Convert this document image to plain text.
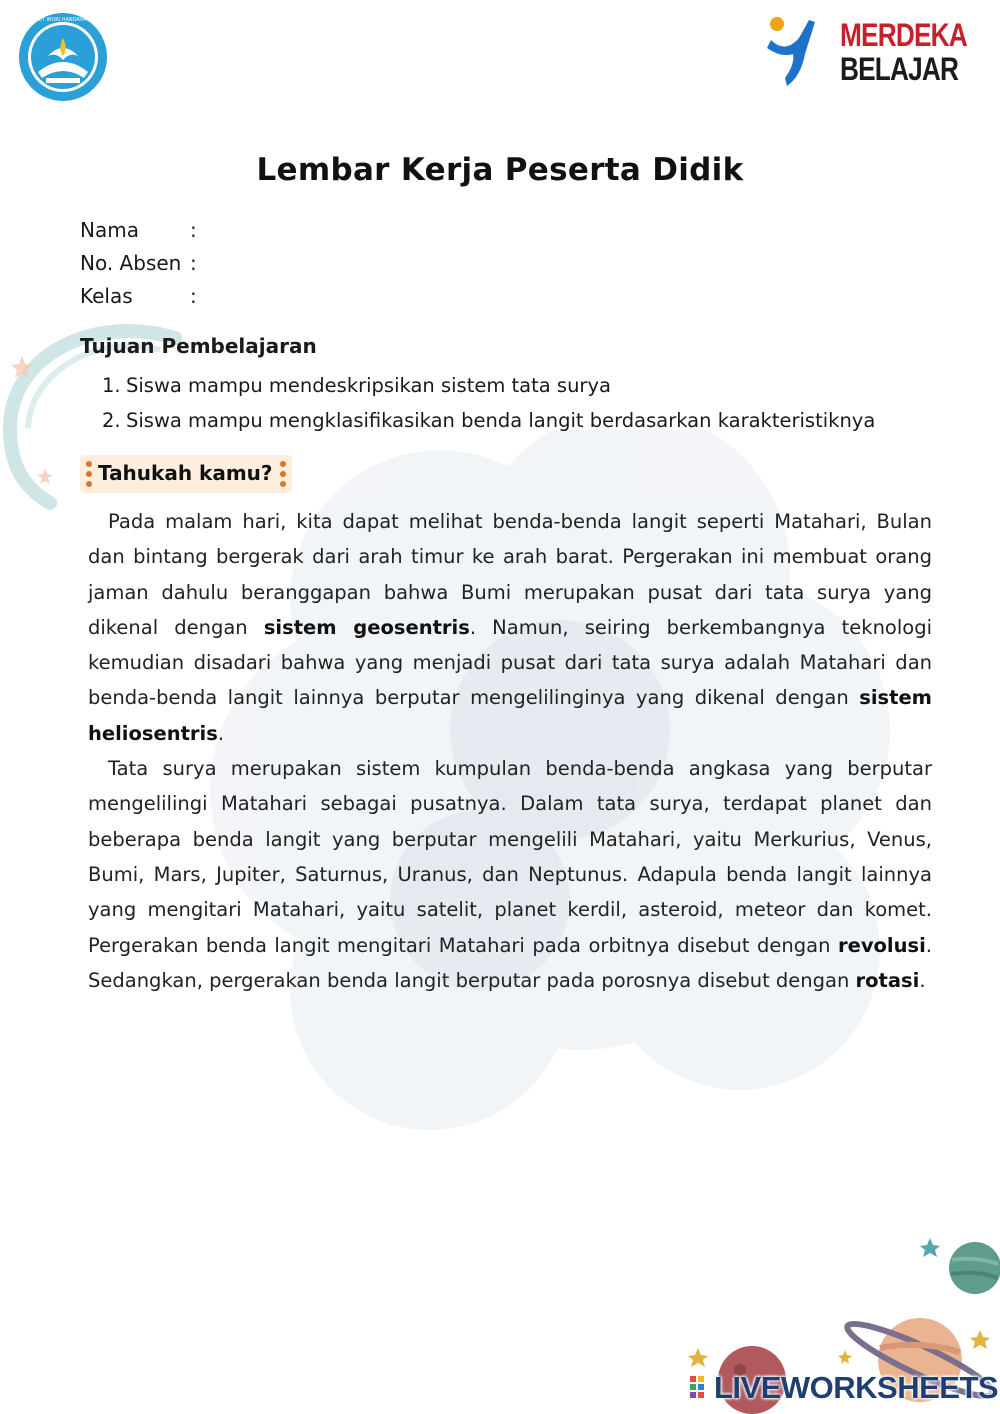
TUT WURI HANDAYANI	MERDEKA
BELAJAR
Lembar Kerja Peserta Didik
Nama	:
No. Absen :
Kelas	:
Tujuan Pembelajaran
1. Siswa mampu mendeskripsikan sistem tata surya
2. Siswa mampu mengklasifikasikan benda langit berdasarkan karakteristiknya
Tahukah kamu?

Pada malam hari, kita dapat melihat benda-benda langit seperti Matahari, Bulan dan bintang bergerak dari arah timur ke arah barat. Pergerakan ini membuat orang jaman dahulu beranggapan bahwa Bumi merupakan pusat dari tata surya yang dikenal dengan sistem geosentris. Namun, seiring berkembangnya teknologi kemudian disadari bahwa yang menjadi pusat dari tata surya adalah Matahari dan benda-benda langit lainnya berputar mengelilinginya yang dikenal dengan sistem heliosentris.

Tata surya merupakan sistem kumpulan benda-benda angkasa yang berputar mengelilingi Matahari sebagai pusatnya. Dalam tata surya, terdapat planet dan beberapa benda langit yang berputar mengelili Matahari, yaitu Merkurius, Venus, Bumi, Mars, Jupiter, Saturnus, Uranus, dan Neptunus. Adapula benda langit lainnya yang mengitari Matahari, yaitu satelit, planet kerdil, asteroid, meteor dan komet. Pergerakan benda langit mengitari Matahari pada orbitnya disebut dengan revolusi. Sedangkan, pergerakan benda langit berputar pada porosnya disebut dengan rotasi.

LIVEWORKSHEETS
